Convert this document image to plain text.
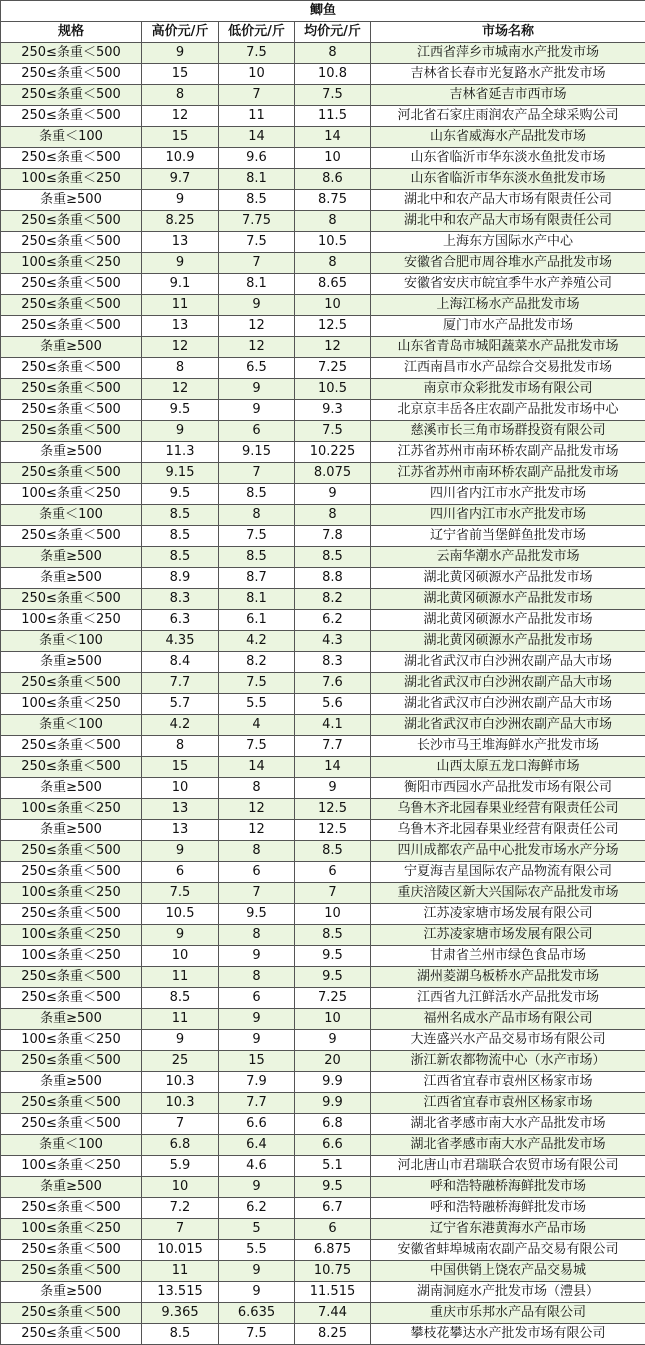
鲫鱼				
规格	高价元/斤	低价元/斤	均价元/斤	市场名称
250≤条重＜500	9	7.5	8	江西省萍乡市城南水产批发市场
250≤条重＜500	15	10	10.8	吉林省长春市光复路水产批发市场
250≤条重＜500	8	7	7.5	吉林省延吉市西市场
250≤条重＜500	12	11	11.5	河北省石家庄雨润农产品全球采购公司
条重＜100	15	14	14	山东省威海水产品批发市场
250≤条重＜500	10.9	9.6	10	山东省临沂市华东淡水鱼批发市场
100≤条重＜250	9.7	8.1	8.6	山东省临沂市华东淡水鱼批发市场
条重≥500	9	8.5	8.75	湖北中和农产品大市场有限责任公司
250≤条重＜500	8.25	7.75	8	湖北中和农产品大市场有限责任公司
250≤条重＜500	13	7.5	10.5	上海东方国际水产中心
100≤条重＜250	9	7	8	安徽省合肥市周谷堆水产品批发市场
250≤条重＜500	9.1	8.1	8.65	安徽省安庆市皖宜季牛水产养殖公司
250≤条重＜500	11	9	10	上海江杨水产品批发市场
250≤条重＜500	13	12	12.5	厦门市水产品批发市场
条重≥500	12	12	12	山东省青岛市城阳蔬菜水产品批发市场
250≤条重＜500	8	6.5	7.25	江西南昌市水产品综合交易批发市场
250≤条重＜500	12	9	10.5	南京市众彩批发市场有限公司
250≤条重＜500	9.5	9	9.3	北京京丰岳各庄农副产品批发市场中心
250≤条重＜500	9	6	7.5	慈溪市长三角市场群投资有限公司
条重≥500	11.3	9.15	10.225	江苏省苏州市南环桥农副产品批发市场
250≤条重＜500	9.15	7	8.075	江苏省苏州市南环桥农副产品批发市场
100≤条重＜250	9.5	8.5	9	四川省内江市水产批发市场
条重＜100	8.5	8	8	四川省内江市水产批发市场
250≤条重＜500	8.5	7.5	7.8	辽宁省前当堡鲜鱼批发市场
条重≥500	8.5	8.5	8.5	云南华潮水产品批发市场
条重≥500	8.9	8.7	8.8	湖北黄冈硕源水产品批发市场
250≤条重＜500	8.3	8.1	8.2	湖北黄冈硕源水产品批发市场
100≤条重＜250	6.3	6.1	6.2	湖北黄冈硕源水产品批发市场
条重＜100	4.35	4.2	4.3	湖北黄冈硕源水产品批发市场
条重≥500	8.4	8.2	8.3	湖北省武汉市白沙洲农副产品大市场
250≤条重＜500	7.7	7.5	7.6	湖北省武汉市白沙洲农副产品大市场
100≤条重＜250	5.7	5.5	5.6	湖北省武汉市白沙洲农副产品大市场
条重＜100	4.2	4	4.1	湖北省武汉市白沙洲农副产品大市场
250≤条重＜500	8	7.5	7.7	长沙市马王堆海鲜水产批发市场
250≤条重＜500	15	14	14	山西太原五龙口海鲜市场
条重≥500	10	8	9	衡阳市西园水产品批发市场有限公司
100≤条重＜250	13	12	12.5	乌鲁木齐北园春果业经营有限责任公司
条重≥500	13	12	12.5	乌鲁木齐北园春果业经营有限责任公司
250≤条重＜500	9	8	8.5	四川成都农产品中心批发市场水产分场
250≤条重＜500	6	6	6	宁夏海吉星国际农产品物流有限公司
100≤条重＜250	7.5	7	7	重庆涪陵区新大兴国际农产品批发市场
250≤条重＜500	10.5	9.5	10	江苏凌家塘市场发展有限公司
100≤条重＜250	9	8	8.5	江苏凌家塘市场发展有限公司
100≤条重＜250	10	9	9.5	甘肃省兰州市绿色食品市场
250≤条重＜500	11	8	9.5	湖州菱湖乌板桥水产品批发市场
250≤条重＜500	8.5	6	7.25	江西省九江鲜活水产品批发市场
条重≥500	11	9	10	福州名成水产品市场有限公司
100≤条重＜250	9	9	9	大连盛兴水产品交易市场有限公司
250≤条重＜500	25	15	20	浙江新农都物流中心（水产市场）
条重≥500	10.3	7.9	9.9	江西省宜春市袁州区杨家市场
250≤条重＜500	10.3	7.7	9.9	江西省宜春市袁州区杨家市场
250≤条重＜500	7	6.6	6.8	湖北省孝感市南大水产品批发市场
条重＜100	6.8	6.4	6.6	湖北省孝感市南大水产品批发市场
100≤条重＜250	5.9	4.6	5.1	河北唐山市君瑞联合农贸市场有限公司
条重≥500	10	9	9.5	呼和浩特融桥海鲜批发市场
250≤条重＜500	7.2	6.2	6.7	呼和浩特融桥海鲜批发市场
100≤条重＜250	7	5	6	辽宁省东港黄海水产品市场
250≤条重＜500	10.015	5.5	6.875	安徽省蚌埠城南农副产品交易有限公司
250≤条重＜500	11	9	10.75	中国供销上饶农产品交易城
条重≥500	13.515	9	11.515	湖南洞庭水产批发市场（澧县）
250≤条重＜500	9.365	6.635	7.44	重庆市乐邦水产品有限公司
250≤条重＜500	8.5	7.5	8.25	攀枝花攀达水产批发市场有限公司
